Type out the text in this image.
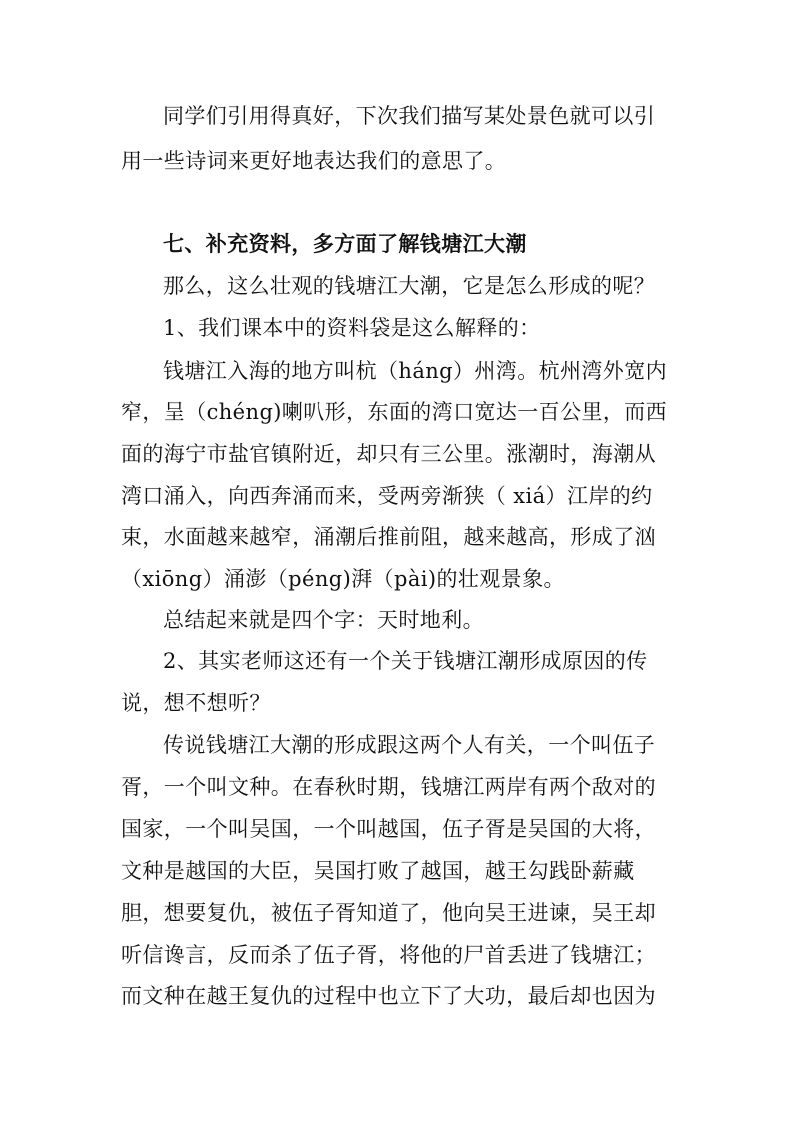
同学们引用得真好，下次我们描写某处景色就可以引
用一些诗词来更好地表达我们的意思了。
七、补充资料，多方面了解钱塘江大潮
那么，这么壮观的钱塘江大潮，它是怎么形成的呢？
1、我们课本中的资料袋是这么解释的：
钱塘江入海的地方叫杭（háng）州湾。杭州湾外宽内
窄，呈（chéng)喇叭形，东面的湾口宽达一百公里，而西
面的海宁市盐官镇附近，却只有三公里。涨潮时，海潮从
湾口涌入，向西奔涌而来，受两旁渐狭（ xiá）江岸的约
束，水面越来越窄，涌潮后推前阻，越来越高，形成了汹
（xiōng）涌澎（péng)湃（pài)的壮观景象。
总结起来就是四个字：天时地利。
2、其实老师这还有一个关于钱塘江潮形成原因的传
说，想不想听？
传说钱塘江大潮的形成跟这两个人有关，一个叫伍子
胥，一个叫文种。在春秋时期，钱塘江两岸有两个敌对的
国家，一个叫吴国，一个叫越国，伍子胥是吴国的大将，
文种是越国的大臣，吴国打败了越国，越王勾践卧薪藏
胆，想要复仇，被伍子胥知道了，他向吴王进谏，吴王却
听信谗言，反而杀了伍子胥，将他的尸首丢进了钱塘江；
而文种在越王复仇的过程中也立下了大功，最后却也因为
